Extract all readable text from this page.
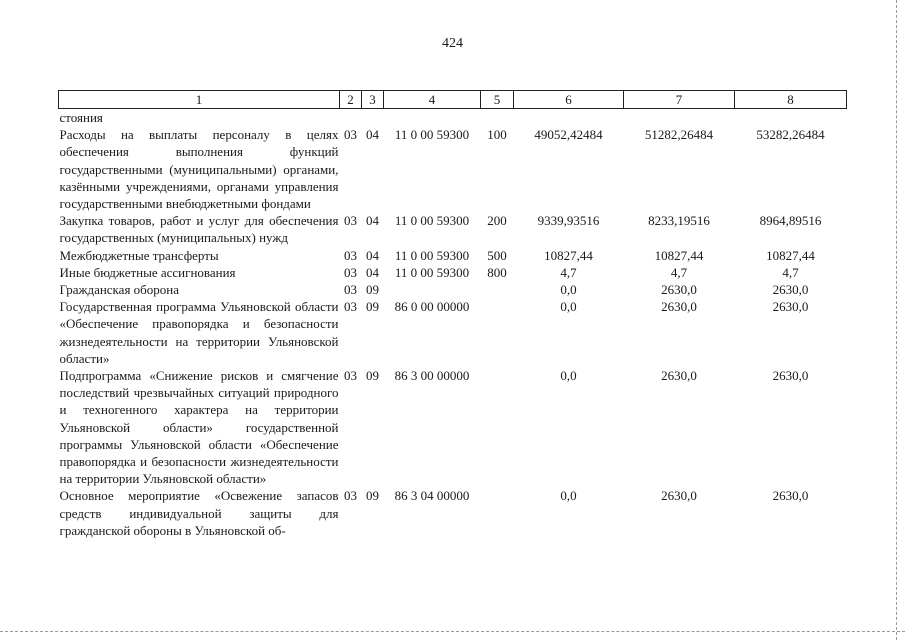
424
1	2	3	4	5	6	7	8
стояния							
Расходы на выплаты персоналу в целях обеспечения выполнения функций государственными (муниципальными) органами, казёнными учреждениями, органами управления государственными внебюджетными фондами	03	04	11 0 00 59300	100	49052,42484	51282,26484	53282,26484
Закупка товаров, работ и услуг для обеспечения государственных (муниципальных) нужд	03	04	11 0 00 59300	200	9339,93516	8233,19516	8964,89516
Межбюджетные трансферты	03	04	11 0 00 59300	500	10827,44	10827,44	10827,44
Иные бюджетные ассигнования	03	04	11 0 00 59300	800	4,7	4,7	4,7
Гражданская оборона	03	09			0,0	2630,0	2630,0
Государственная программа Ульяновской области «Обеспечение правопорядка и безопасности жизнедеятельности на территории Ульяновской области»	03	09	86 0 00 00000		0,0	2630,0	2630,0
Подпрограмма «Снижение рисков и смягчение последствий чрезвычайных ситуаций природного и техногенного характера на территории Ульяновской области» государственной программы Ульяновской области «Обеспечение правопорядка и безопасности жизнедеятельности на территории Ульяновской области»	03	09	86 3 00 00000		0,0	2630,0	2630,0
Основное мероприятие «Освежение запасов средств индивидуальной защиты для гражданской обороны в Ульяновской об-	03	09	86 3 04 00000		0,0	2630,0	2630,0
